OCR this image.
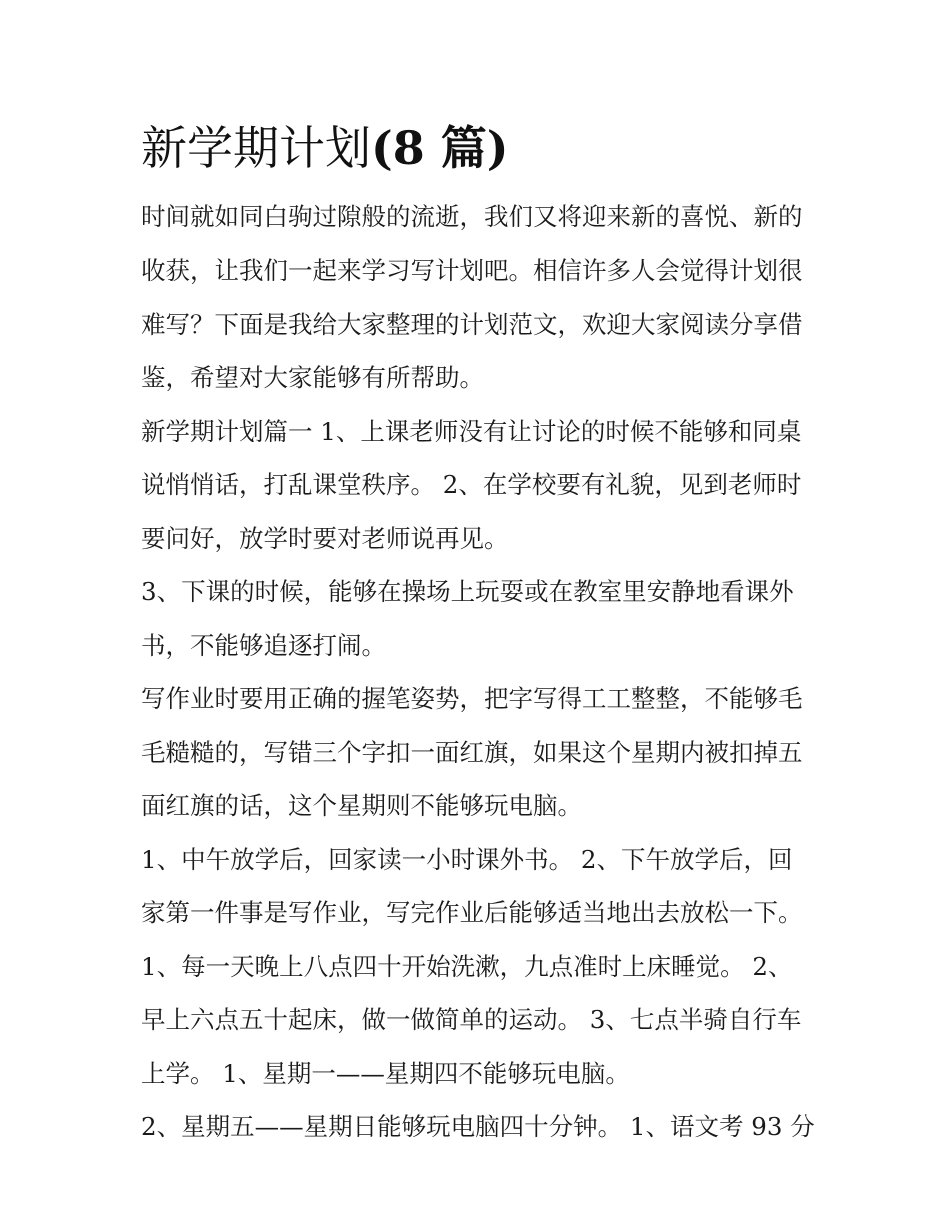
新学期计划(8 篇)

时间就如同白驹过隙般的流逝，我们又将迎来新的喜悦、新的

收获，让我们一起来学习写计划吧。相信许多人会觉得计划很

难写？下面是我给大家整理的计划范文，欢迎大家阅读分享借

鉴，希望对大家能够有所帮助。

新学期计划篇一 1、上课老师没有让讨论的时候不能够和同桌

说悄悄话，打乱课堂秩序。 2、在学校要有礼貌，见到老师时

要问好，放学时要对老师说再见。

3、下课的时候，能够在操场上玩耍或在教室里安静地看课外

书，不能够追逐打闹。

写作业时要用正确的握笔姿势，把字写得工工整整，不能够毛

毛糙糙的，写错三个字扣一面红旗，如果这个星期内被扣掉五

面红旗的话，这个星期则不能够玩电脑。

1、中午放学后，回家读一小时课外书。 2、下午放学后，回

家第一件事是写作业，写完作业后能够适当地出去放松一下。

1、每一天晚上八点四十开始洗漱，九点准时上床睡觉。 2、

早上六点五十起床，做一做简单的运动。 3、七点半骑自行车

上学。 1、星期一——星期四不能够玩电脑。

2、星期五——星期日能够玩电脑四十分钟。 1、语文考 93 分
